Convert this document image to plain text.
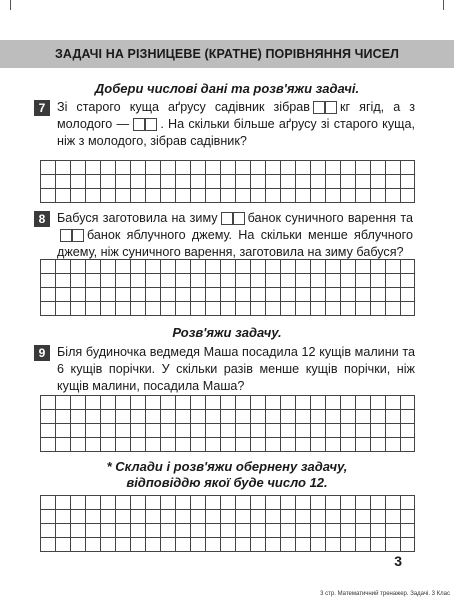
ЗАДАЧІ НА РІЗНИЦЕВЕ (КРАТНЕ) ПОРІВНЯННЯ ЧИСЕЛ
Добери числові дані та розв'яжи задачі.
7 Зі старого куща аґрусу садівник зібрав кг ягід, а з молодого — . На скільки більше аґрусу зі старого куща, ніж з молодого, зібрав садівник?
8 Бабуся заготовила на зиму банок суничного варення та банок яблучного джему. На скільки менше яблучного джему, ніж суничного варення, заготовила на зиму бабуся?
Розв'яжи задачу.
9 Біля будиночка ведмедя Маша посадила 12 кущів малини та 6 кущів порічки. У скільки разів менше кущів порічки, ніж кущів малини, посадила Маша?
* Склади і розв'яжи обернену задачу,
відповіддю якої буде число 12.
3
3 стр. Математичний тренажер. Задачі. 3 Клас
